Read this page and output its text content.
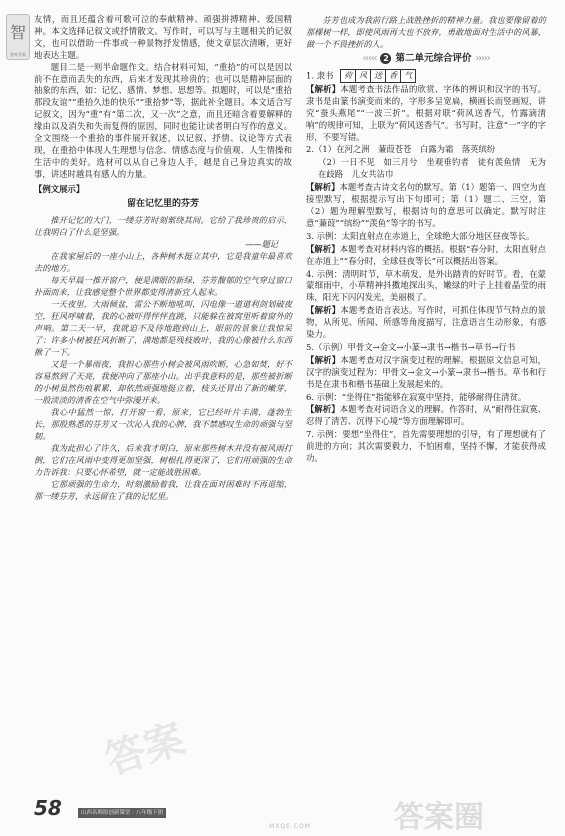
智
智库答案

友情，而且还蕴含着可歌可泣的奉献精神、顽强拼搏精神、爱国精神。本文选择记叙文或抒情散文。写作时，可以写与主题相关的记叙文，也可以借助一件事或一种景物抒发情感，使文章层次清晰，更好地表达主题。

题目二是一则半命题作文。结合材料可知，“重拾”的可以是因以前不在意而丢失的东西，后来才发现其珍贵的；也可以是精神层面的抽象的东西，如：记忆、感情、梦想、思想等。拟题时，可以是“重拾那段友谊”“重拾久违的快乐”“重拾梦”等，据此补全题目。本文适合写记叙文，因为“重”有“第二次，又一次”之意，而且还暗含着要解释的缘由以及消失和失而复得的原因，同时也能让读者明白写作的意义。全文围绕一个重拾的事件展开叙述，以记叙、抒情、议论等方式表现，在重拾中体现人生理想与信念、情感态度与价值观、人生情操和生活中的美好。选材可以从自己身边人手，越是自己身边真实的故事，讲述时越具有感人的力量。

【例文展示】
留在记忆里的芬芳

推开记忆的大门，一缕芬芳时刻萦绕其间。它给了我珍贵的启示，让我明白了什么是坚强。

——题记

在我家屋后的一座小山上，各种树木挺立其中，它是我童年最喜欢去的地方。

每天早晨一推开窗户，便是满眼的新绿，芬芳馥郁的空气穿过窗口扑面而来，让我感觉整个世界都变得清新宜人起来。

一天夜里，大雨倾盆，雷公不断地吼叫，闪电像一道道利剑划破夜空，狂风呼啸着，我的心被吓得怦怦直跳，只能躲在被窝里听着窗外的声响。第二天一早，我就迫不及待地跑到山上，眼前的景象让我惊呆了：许多小树被狂风折断了，满地都是残枝败叶，我的心像被什么东西揪了一下。

又是一个暴雨夜，我担心那些小树会被风雨吹断，心急如焚，好不容易熬到了天亮，我便冲向了那座小山。出乎我意料的是，那些被折断的小树虽然伤痕累累，却依然顽强地挺立着，枝头还冒出了新的嫩芽，一股淡淡的清香在空气中弥漫开来。

我心中猛然一惊，打开窗一看，原来，它已经叶片丰满，蓬勃生长，那股熟悉的芬芳又一次沁入我的心脾，我不禁感叹生命的顽强与坚韧。

我为此担心了许久，后来我才明白，原来那些树木并没有被风雨打倒，它们在风雨中变得更加坚强，树根扎得更深了，它们用顽强的生命力告诉我：只要心怀希望，就一定能战胜困难。

它那顽强的生命力，时刻激励着我，让我在面对困难时不再退缩，那一缕芬芳，永远留在了我的记忆里。

芬芳也成为我前行路上战胜挫折的精神力量。我也要像留着的那棵树一样，即使风雨再大也不放弃，勇敢地面对生活中的风暴，做一个不畏挫折的人。

‹‹‹‹‹ 2 第二单元综合评价 ›››››
1. 隶书	荷 风 送 香 气
【解析】本题考查书法作品的欣赏、字体的辨识和汉字的书写。隶书是由篆书演变而来的，字形多呈宽扁，横画长而竖画短，讲究“蚕头燕尾”“一波三折”。根据对联“荷风送香气，竹露滴清响”的规律可知，上联为“荷风送香气”。书写时，注意“一”字的字形，不要写错。
2.（1）在河之洲　蒹葭苍苍　白露为霜　落英缤纷
（2）一日不见　如三月兮　坐观垂钓者　徒有羡鱼情　无为在歧路　儿女共沾巾
【解析】本题考查古诗文名句的默写。第（1）题第一、四空为直接型默写，根据提示写出下句即可；第（1）题二、三空，第（2）题为理解型默写，根据诗句的意思可以确定。默写时注意“蒹葭”“缤纷”“羡鱼”等字的书写。
3. 示例：太阳直射点在赤道上，全球绝大部分地区昼夜等长。
【解析】本题考查对材料内容的概括。根据“春分时，太阳直射点在赤道上”“春分时，全球昼夜等长”可以概括出答案。
4. 示例：清明时节，草木萌发，是外出踏青的好时节。看，在蒙蒙细雨中，小草精神抖擞地探出头，嫩绿的叶子上挂着晶莹的雨珠，阳光下闪闪发光，美丽极了。
【解析】本题考查语言表达。写作时，可抓住体现节气特点的景物，从所见、所闻、所感等角度描写，注意语言生动形象，有感染力。
5.（示例）甲骨文→金文→小篆→隶书→楷书→草书→行书
【解析】本题考查对汉字演变过程的理解。根据原文信息可知，汉字的演变过程为：甲骨文→金文→小篆→隶书→楷书。草书和行书是在隶书和楷书基础上发展起来的。
6. 示例：“坐得住”指能够在寂寞中坚持，能够耐得住清贫。
【解析】本题考查对词语含义的理解。作答时，从“耐得住寂寞、忍得了清苦、沉得下心境”等方面理解即可。
7. 示例：要想“坐得住”，首先需要理想的引导，有了理想就有了前进的方向；其次需要毅力，不怕困难，坚持不懈，才能获得成功。
答案
答案圈
58	山西名师原创新课堂 · 八年级下册
MXQE.COM
